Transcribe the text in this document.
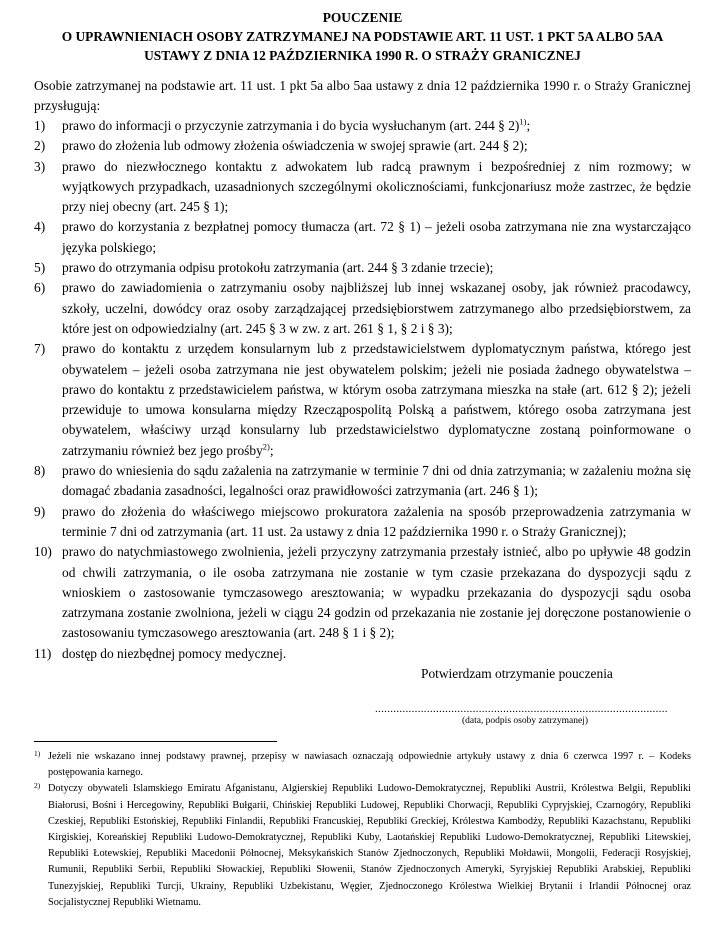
POUCZENIE
O UPRAWNIENIACH OSOBY ZATRZYMANEJ NA PODSTAWIE ART. 11 UST. 1 PKT 5A ALBO 5AA
USTAWY Z DNIA 12 PAŹDZIERNIKA 1990 R. O STRAŻY GRANICZNEJ
Osobie zatrzymanej na podstawie art. 11 ust. 1 pkt 5a albo 5aa ustawy z dnia 12 października 1990 r. o Straży Granicznej przysługują:
1) prawo do informacji o przyczynie zatrzymania i do bycia wysłuchanym (art. 244 § 2)$^{1)}$;
2) prawo do złożenia lub odmowy złożenia oświadczenia w swojej sprawie (art. 244 § 2);
3) prawo do niezwłocznego kontaktu z adwokatem lub radcą prawnym i bezpośredniej z nim rozmowy; w wyjątkowych przypadkach, uzasadnionych szczególnymi okolicznościami, funkcjonariusz może zastrzec, że będzie przy niej obecny (art. 245 § 1);
4) prawo do korzystania z bezpłatnej pomocy tłumacza (art. 72 § 1) – jeżeli osoba zatrzymana nie zna wystarczająco języka polskiego;
5) prawo do otrzymania odpisu protokołu zatrzymania (art. 244 § 3 zdanie trzecie);
6) prawo do zawiadomienia o zatrzymaniu osoby najbliższej lub innej wskazanej osoby, jak również pracodawcy, szkoły, uczelni, dowódcy oraz osoby zarządzającej przedsiębiorstwem zatrzymanego albo przedsiębiorstwem, za które jest on odpowiedzialny (art. 245 § 3 w zw. z art. 261 § 1, § 2 i § 3);
7) prawo do kontaktu z urzędem konsularnym lub z przedstawicielstwem dyplomatycznym państwa, którego jest obywatelem – jeżeli osoba zatrzymana nie jest obywatelem polskim; jeżeli nie posiada żadnego obywatelstwa – prawo do kontaktu z przedstawicielem państwa, w którym osoba zatrzymana mieszka na stałe (art. 612 § 2); jeżeli przewiduje to umowa konsularna między Rzecząpospolitą Polską a państwem, którego osoba zatrzymana jest obywatelem, właściwy urząd konsularny lub przedstawicielstwo dyplomatyczne zostaną poinformowane o zatrzymaniu również bez jego prośby$^{2)}$;
8) prawo do wniesienia do sądu zażalenia na zatrzymanie w terminie 7 dni od dnia zatrzymania; w zażaleniu można się domagać zbadania zasadności, legalności oraz prawidłowości zatrzymania (art. 246 § 1);
9) prawo do złożenia do właściwego miejscowo prokuratora zażalenia na sposób przeprowadzenia zatrzymania w terminie 7 dni od zatrzymania (art. 11 ust. 2a ustawy z dnia 12 października 1990 r. o Straży Granicznej);
10) prawo do natychmiastowego zwolnienia, jeżeli przyczyny zatrzymania przestały istnieć, albo po upływie 48 godzin od chwili zatrzymania, o ile osoba zatrzymana nie zostanie w tym czasie przekazana do dyspozycji sądu z wnioskiem o zastosowanie tymczasowego aresztowania; w wypadku przekazania do dyspozycji sądu osoba zatrzymana zostanie zwolniona, jeżeli w ciągu 24 godzin od przekazania nie zostanie jej doręczone postanowienie o zastosowaniu tymczasowego aresztowania (art. 248 § 1 i § 2);
11) dostęp do niezbędnej pomocy medycznej.
Potwierdzam otrzymanie pouczenia
................................................................................................
(data, podpis osoby zatrzymanej)
1) Jeżeli nie wskazano innej podstawy prawnej, przepisy w nawiasach oznaczają odpowiednie artykuły ustawy z dnia 6 czerwca 1997 r. – Kodeks postępowania karnego.
2) Dotyczy obywateli Islamskiego Emiratu Afganistanu, Algierskiej Republiki Ludowo-Demokratycznej, Republiki Austrii, Królestwa Belgii, Republiki Białorusi, Bośni i Hercegowiny, Republiki Bułgarii, Chińskiej Republiki Ludowej, Republiki Chorwacji, Republiki Cypryjskiej, Czarnogóry, Republiki Czeskiej, Republiki Estońskiej, Republiki Finlandii, Republiki Francuskiej, Republiki Greckiej, Królestwa Kambodży, Republiki Kazachstanu, Republiki Kirgiskiej, Koreańskiej Republiki Ludowo-Demokratycznej, Republiki Kuby, Laotańskiej Republiki Ludowo-Demokratycznej, Republiki Litewskiej, Republiki Łotewskiej, Republiki Macedonii Północnej, Meksykańskich Stanów Zjednoczonych, Republiki Mołdawii, Mongolii, Federacji Rosyjskiej, Rumunii, Republiki Serbii, Republiki Słowackiej, Republiki Słowenii, Stanów Zjednoczonych Ameryki, Syryjskiej Republiki Arabskiej, Republiki Tunezyjskiej, Republiki Turcji, Ukrainy, Republiki Uzbekistanu, Węgier, Zjednoczonego Królestwa Wielkiej Brytanii i Irlandii Północnej oraz Socjalistycznej Republiki Wietnamu.
